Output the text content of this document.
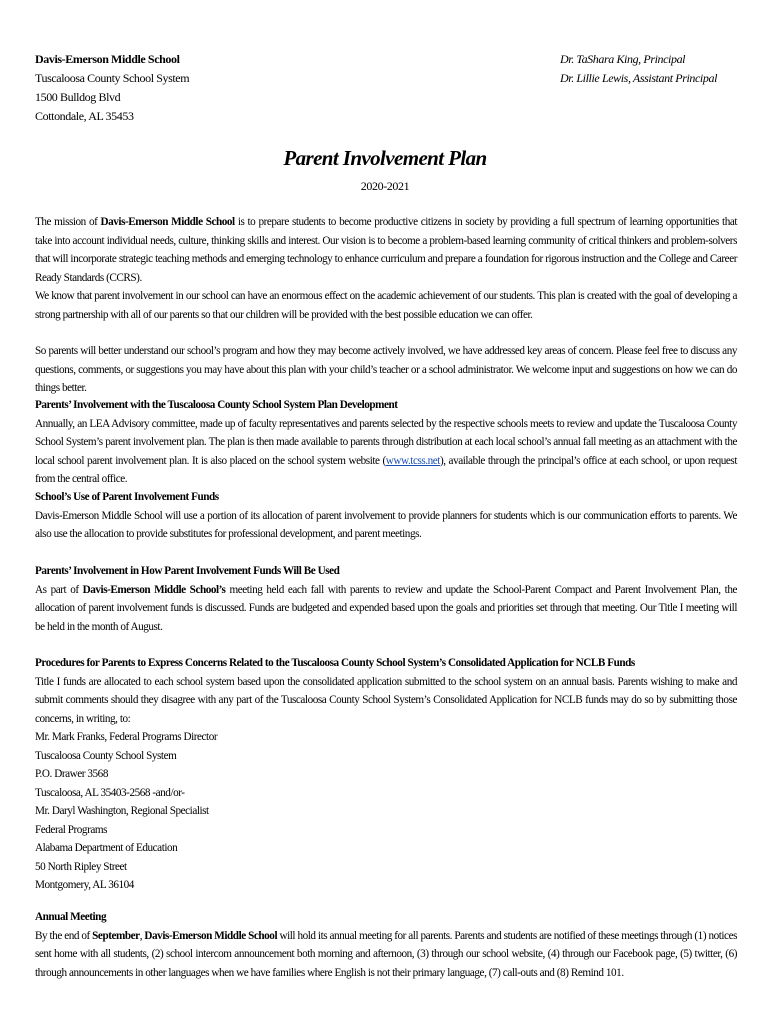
Davis-Emerson Middle School
Tuscaloosa County School System
1500 Bulldog Blvd
Cottondale, AL 35453
Dr. TaShara King, Principal
Dr. Lillie Lewis, Assistant Principal
Parent Involvement Plan
2020-2021
The mission of Davis-Emerson Middle School is to prepare students to become productive citizens in society by providing a full spectrum of learning opportunities that take into account individual needs, culture, thinking skills and interest. Our vision is to become a problem-based learning community of critical thinkers and problem-solvers that will incorporate strategic teaching methods and emerging technology to enhance curriculum and prepare a foundation for rigorous instruction and the College and Career Ready Standards (CCRS).
We know that parent involvement in our school can have an enormous effect on the academic achievement of our students. This plan is created with the goal of developing a strong partnership with all of our parents so that our children will be provided with the best possible education we can offer.
So parents will better understand our school’s program and how they may become actively involved, we have addressed key areas of concern. Please feel free to discuss any questions, comments, or suggestions you may have about this plan with your child’s teacher or a school administrator. We welcome input and suggestions on how we can do things better.
Parents’ Involvement with the Tuscaloosa County School System Plan Development
Annually, an LEA Advisory committee, made up of faculty representatives and parents selected by the respective schools meets to review and update the Tuscaloosa County School System’s parent involvement plan. The plan is then made available to parents through distribution at each local school’s annual fall meeting as an attachment with the local school parent involvement plan. It is also placed on the school system website (www.tcss.net), available through the principal’s office at each school, or upon request from the central office.
School’s Use of Parent Involvement Funds
Davis-Emerson Middle School will use a portion of its allocation of parent involvement to provide planners for students which is our communication efforts to parents. We also use the allocation to provide substitutes for professional development, and parent meetings.
Parents’ Involvement in How Parent Involvement Funds Will Be Used
As part of Davis-Emerson Middle School’s meeting held each fall with parents to review and update the School-Parent Compact and Parent Involvement Plan, the allocation of parent involvement funds is discussed. Funds are budgeted and expended based upon the goals and priorities set through that meeting. Our Title I meeting will be held in the month of August.
Procedures for Parents to Express Concerns Related to the Tuscaloosa County School System’s Consolidated Application for NCLB Funds
Title I funds are allocated to each school system based upon the consolidated application submitted to the school system on an annual basis. Parents wishing to make and submit comments should they disagree with any part of the Tuscaloosa County School System’s Consolidated Application for NCLB funds may do so by submitting those concerns, in writing, to:
Mr. Mark Franks, Federal Programs Director
Tuscaloosa County School System
P.O. Drawer 3568
Tuscaloosa, AL 35403-2568 -and/or-
Mr. Daryl Washington, Regional Specialist
Federal Programs
Alabama Department of Education
50 North Ripley Street
Montgomery, AL 36104
Annual Meeting
By the end of September, Davis-Emerson Middle School will hold its annual meeting for all parents. Parents and students are notified of these meetings through (1) notices sent home with all students, (2) school intercom announcement both morning and afternoon, (3) through our school website, (4) through our Facebook page, (5) twitter, (6) through announcements in other languages when we have families where English is not their primary language, (7) call-outs and (8) Remind 101.
